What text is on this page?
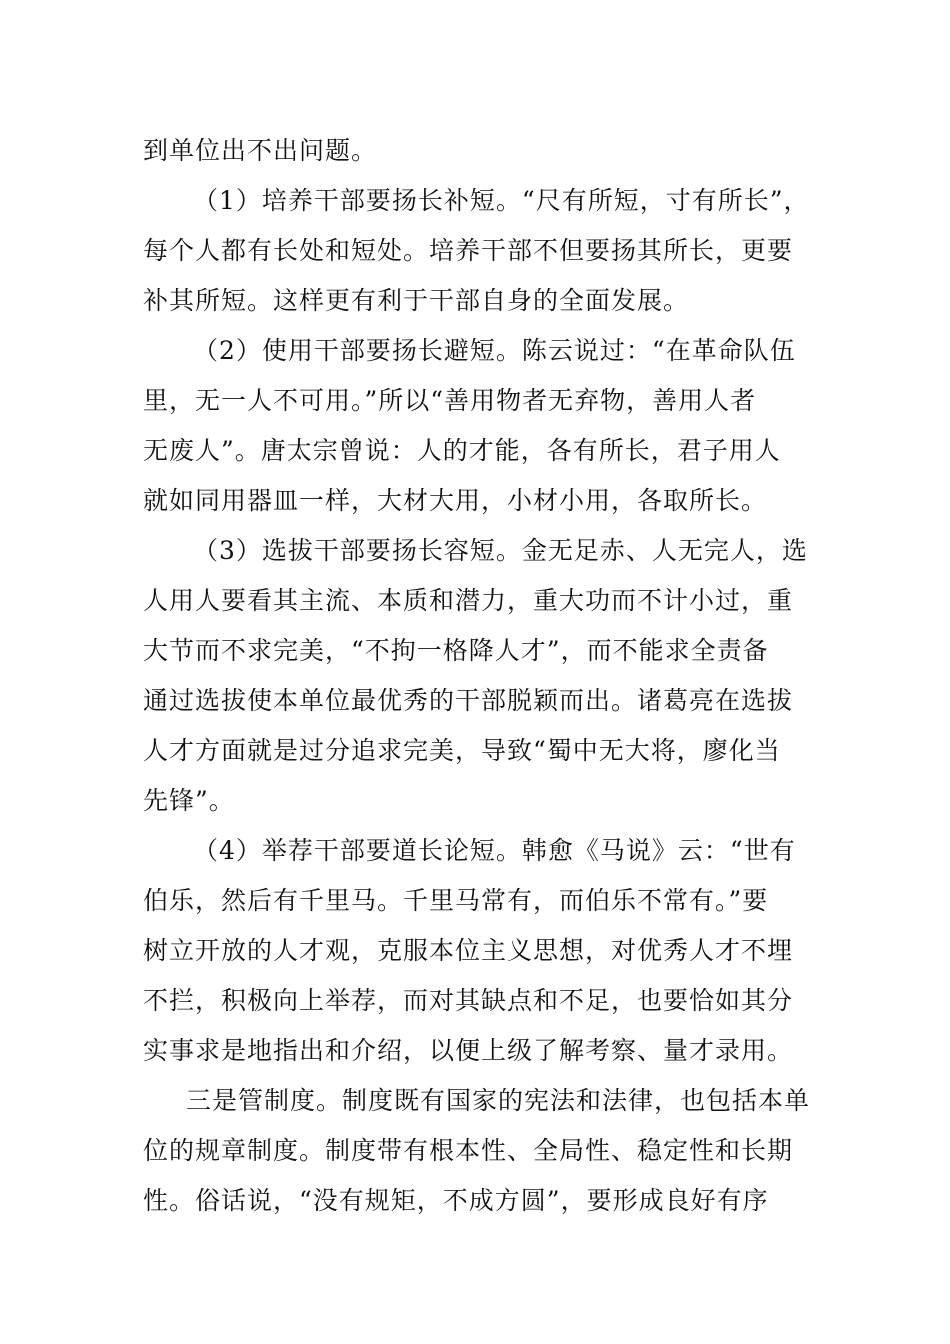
到单位出不出问题。

（1）培养干部要扬长补短。“尺有所短，寸有所长”，

每个人都有长处和短处。培养干部不但要扬其所长，更要

补其所短。这样更有利于干部自身的全面发展。

（2）使用干部要扬长避短。陈云说过：“在革命队伍

里，无一人不可用。”所以“善用物者无弃物，善用人者

无废人”。唐太宗曾说：人的才能，各有所长，君子用人

就如同用器皿一样，大材大用，小材小用，各取所长。

（3）选拔干部要扬长容短。金无足赤、人无完人，选

人用人要看其主流、本质和潜力，重大功而不计小过，重

大节而不求完美，“不拘一格降人才”，而不能求全责备

通过选拔使本单位最优秀的干部脱颖而出。诸葛亮在选拔

人才方面就是过分追求完美，导致“蜀中无大将，廖化当

先锋”。

（4）举荐干部要道长论短。韩愈《马说》云：“世有

伯乐，然后有千里马。千里马常有，而伯乐不常有。”要

树立开放的人才观，克服本位主义思想，对优秀人才不埋

不拦，积极向上举荐，而对其缺点和不足，也要恰如其分

实事求是地指出和介绍，以便上级了解考察、量才录用。

三是管制度。制度既有国家的宪法和法律，也包括本单

位的规章制度。制度带有根本性、全局性、稳定性和长期

性。俗话说，“没有规矩，不成方圆”，要形成良好有序
